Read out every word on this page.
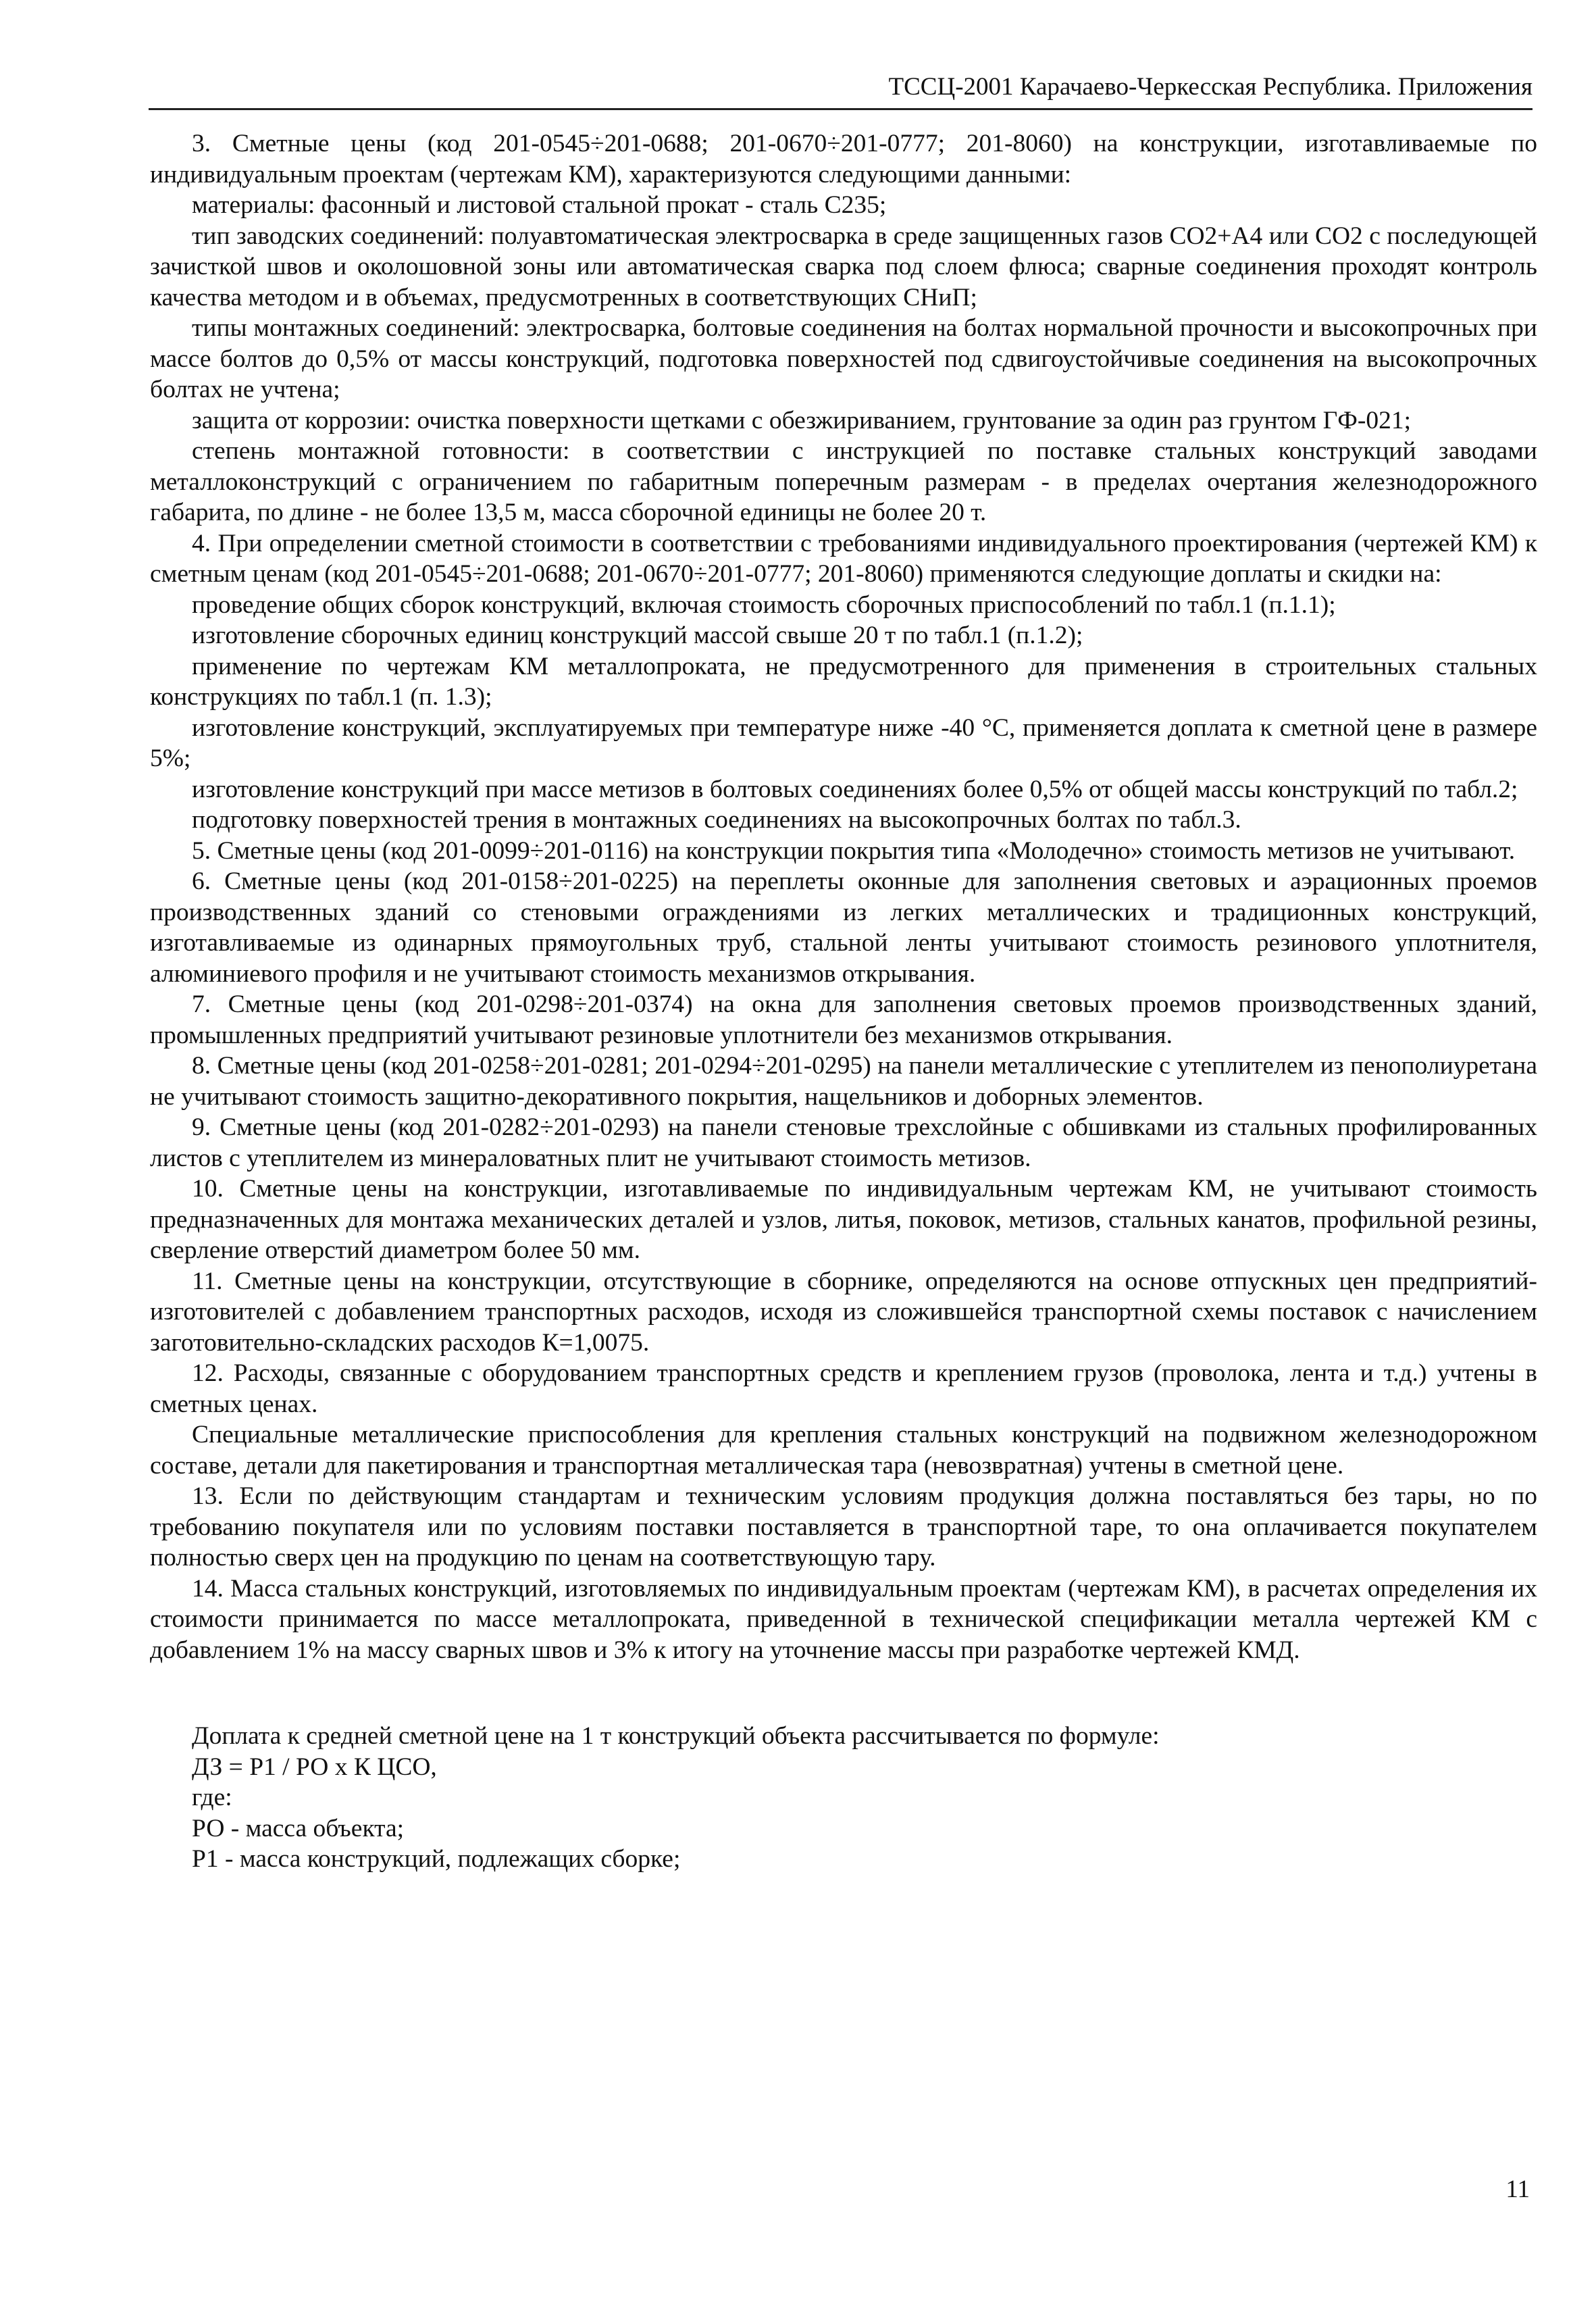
ТССЦ-2001 Карачаево-Черкесская Республика. Приложения

3. Сметные цены (код 201-0545÷201-0688; 201-0670÷201-0777; 201-8060) на конструкции, изготавливаемые по индивидуальным проектам (чертежам КМ), характеризуются следующими данными:

материалы: фасонный и листовой стальной прокат - сталь С235;

тип заводских соединений: полуавтоматическая электросварка в среде защищенных газов СО2+А4 или СО2 с последующей зачисткой швов и околошовной зоны или автоматическая сварка под слоем флюса; сварные соединения проходят контроль качества методом и в объемах, предусмотренных в соответствующих СНиП;

типы монтажных соединений: электросварка, болтовые соединения на болтах нормальной прочности и высокопрочных при массе болтов до 0,5% от массы конструкций, подготовка поверхностей под сдвигоустойчивые соединения на высокопрочных болтах не учтена;

защита от коррозии: очистка поверхности щетками с обезжириванием, грунтование за один раз грунтом ГФ-021;

степень монтажной готовности: в соответствии с инструкцией по поставке стальных конструкций заводами металлоконструкций с ограничением по габаритным поперечным размерам - в пределах очертания железнодорожного габарита, по длине - не более 13,5 м, масса сборочной единицы не более 20 т.

4. При определении сметной стоимости в соответствии с требованиями индивидуального проектирования (чертежей КМ) к сметным ценам (код 201-0545÷201-0688; 201-0670÷201-0777; 201-8060) применяются следующие доплаты и скидки на:

проведение общих сборок конструкций, включая стоимость сборочных приспособлений по табл.1 (п.1.1);

изготовление сборочных единиц конструкций массой свыше 20 т по табл.1 (п.1.2);

применение по чертежам КМ металлопроката, не предусмотренного для применения в строительных стальных конструкциях по табл.1 (п. 1.3);

изготовление конструкций, эксплуатируемых при температуре ниже -40 °С, применяется доплата к сметной цене в размере 5%;

изготовление конструкций при массе метизов в болтовых соединениях более 0,5% от общей массы конструкций по табл.2;

подготовку поверхностей трения в монтажных соединениях на высокопрочных болтах по табл.3.

5. Сметные цены (код 201-0099÷201-0116) на конструкции покрытия типа «Молодечно» стоимость метизов не учитывают.

6. Сметные цены (код 201-0158÷201-0225) на переплеты оконные для заполнения световых и аэрационных проемов производственных зданий со стеновыми ограждениями из легких металлических и традиционных конструкций, изготавливаемые из одинарных прямоугольных труб, стальной ленты учитывают стоимость резинового уплотнителя, алюминиевого профиля и не учитывают стоимость механизмов открывания.

7. Сметные цены (код 201-0298÷201-0374) на окна для заполнения световых проемов производственных зданий, промышленных предприятий учитывают резиновые уплотнители без механизмов открывания.

8. Сметные цены (код 201-0258÷201-0281; 201-0294÷201-0295) на панели металлические с утеплителем из пенополиуретана не учитывают стоимость защитно-декоративного покрытия, нащельников и доборных элементов.

9. Сметные цены (код 201-0282÷201-0293) на панели стеновые трехслойные с обшивками из стальных профилированных листов с утеплителем из минераловатных плит не учитывают стоимость метизов.

10. Сметные цены на конструкции, изготавливаемые по индивидуальным чертежам КМ, не учитывают стоимость предназначенных для монтажа механических деталей и узлов, литья, поковок, метизов, стальных канатов, профильной резины, сверление отверстий диаметром более 50 мм.

11. Сметные цены на конструкции, отсутствующие в сборнике, определяются на основе отпускных цен предприятий-изготовителей с добавлением транспортных расходов, исходя из сложившейся транспортной схемы поставок с начислением заготовительно-складских расходов К=1,0075.

12. Расходы, связанные с оборудованием транспортных средств и креплением грузов (проволока, лента и т.д.) учтены в сметных ценах.

Специальные металлические приспособления для крепления стальных конструкций на подвижном железнодорожном составе, детали для пакетирования и транспортная металлическая тара (невозвратная) учтены в сметной цене.

13. Если по действующим стандартам и техническим условиям продукция должна поставляться без тары, но по требованию покупателя или по условиям поставки поставляется в транспортной таре, то она оплачивается покупателем полностью сверх цен на продукцию по ценам на соответствующую тару.

14. Масса стальных конструкций, изготовляемых по индивидуальным проектам (чертежам КМ), в расчетах определения их стоимости принимается по массе металлопроката, приведенной в технической спецификации металла чертежей КМ с добавлением 1% на массу сварных швов и 3% к итогу на уточнение массы при разработке чертежей КМД.

Доплата к средней сметной цене на 1 т конструкций объекта рассчитывается по формуле:

ДЗ = Р1 / РО х К ЦСО,

где:

РО - масса объекта;

Р1 - масса конструкций, подлежащих сборке;

11
